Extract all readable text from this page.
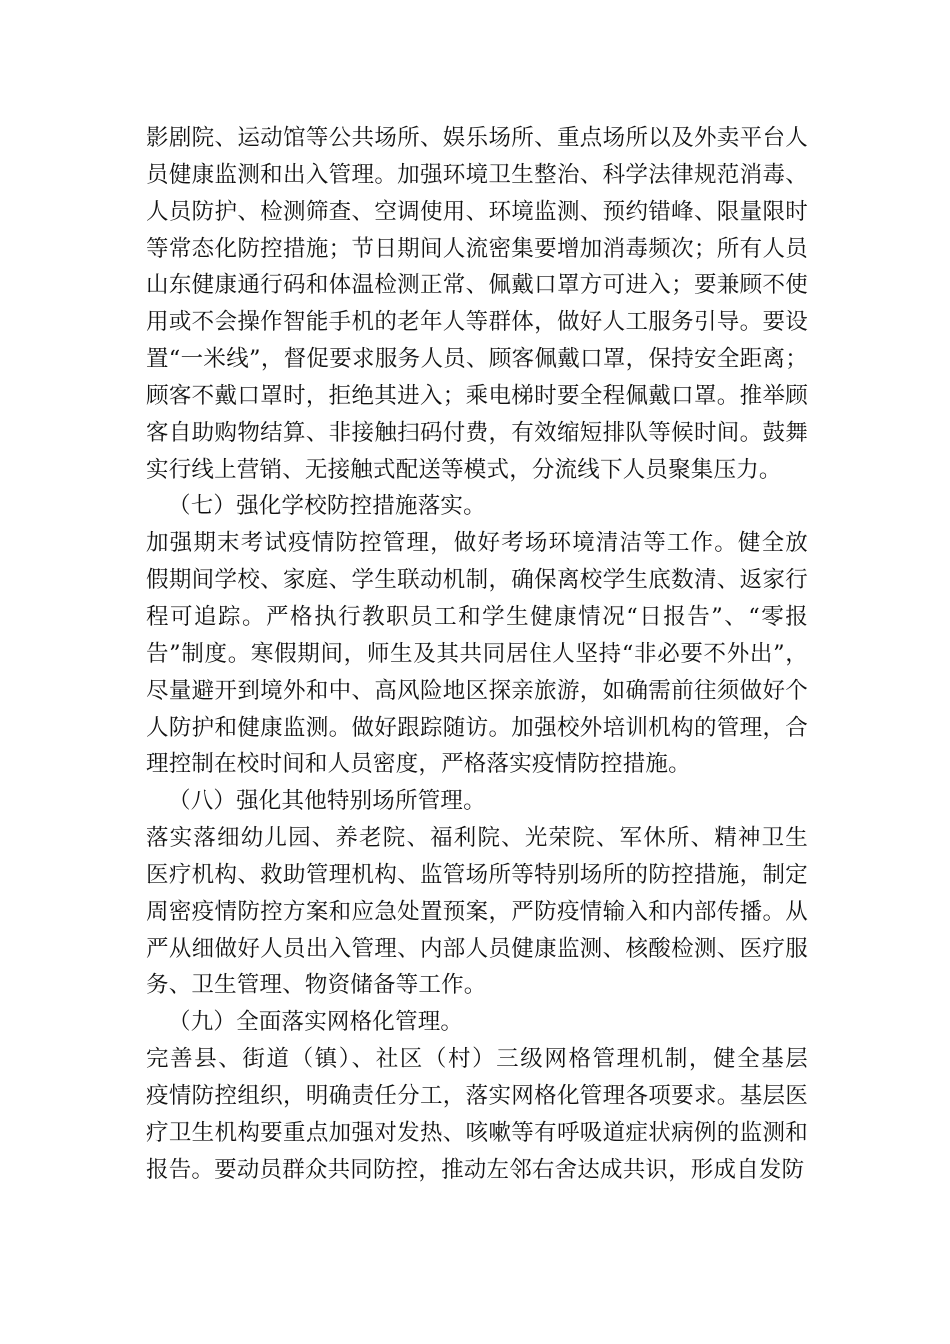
影剧院、运动馆等公共场所、娱乐场所、重点场所以及外卖平台人
员健康监测和出入管理。加强环境卫生整治、科学法律规范消毒、
人员防护、检测筛查、空调使用、环境监测、预约错峰、限量限时
等常态化防控措施；节日期间人流密集要增加消毒频次；所有人员
山东健康通行码和体温检测正常、佩戴口罩方可进入；要兼顾不使
用或不会操作智能手机的老年人等群体，做好人工服务引导。要设
置“一米线”，督促要求服务人员、顾客佩戴口罩，保持安全距离；
顾客不戴口罩时，拒绝其进入；乘电梯时要全程佩戴口罩。推举顾
客自助购物结算、非接触扫码付费，有效缩短排队等候时间。鼓舞
实行线上营销、无接触式配送等模式，分流线下人员聚集压力。
（七）强化学校防控措施落实。
加强期末考试疫情防控管理，做好考场环境清洁等工作。健全放
假期间学校、家庭、学生联动机制，确保离校学生底数清、返家行
程可追踪。严格执行教职员工和学生健康情况“日报告”、“零报
告”制度。寒假期间，师生及其共同居住人坚持“非必要不外出”，
尽量避开到境外和中、高风险地区探亲旅游，如确需前往须做好个
人防护和健康监测。做好跟踪随访。加强校外培训机构的管理，合
理控制在校时间和人员密度，严格落实疫情防控措施。
（八）强化其他特别场所管理。
落实落细幼儿园、养老院、福利院、光荣院、军休所、精神卫生
医疗机构、救助管理机构、监管场所等特别场所的防控措施，制定
周密疫情防控方案和应急处置预案，严防疫情输入和内部传播。从
严从细做好人员出入管理、内部人员健康监测、核酸检测、医疗服
务、卫生管理、物资储备等工作。
（九）全面落实网格化管理。
完善县、街道（镇）、社区（村）三级网格管理机制，健全基层
疫情防控组织，明确责任分工，落实网格化管理各项要求。基层医
疗卫生机构要重点加强对发热、咳嗽等有呼吸道症状病例的监测和
报告。要动员群众共同防控，推动左邻右舍达成共识，形成自发防
